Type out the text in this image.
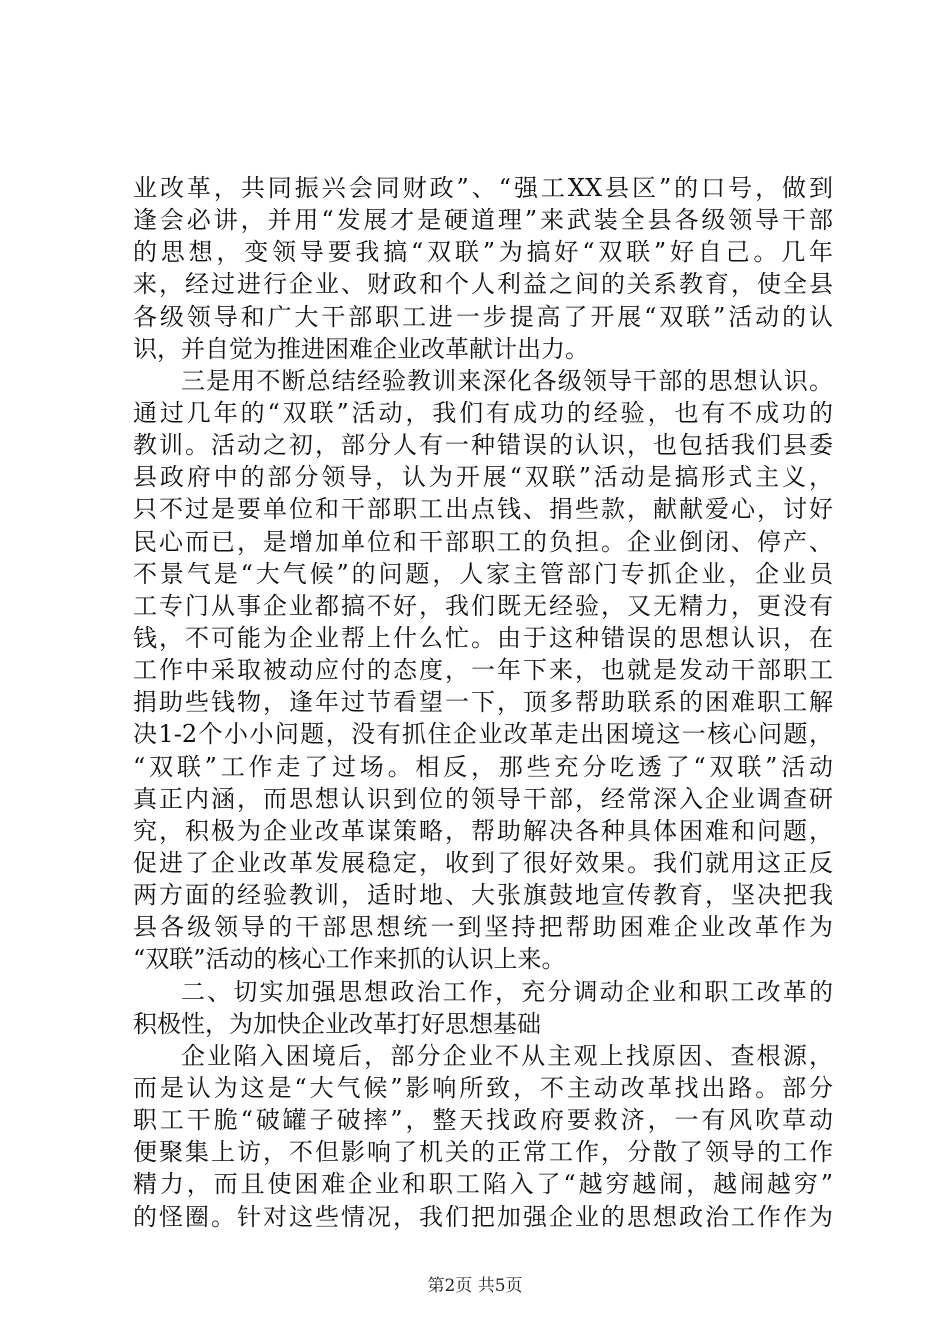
业改革，共同振兴会同财政”、“强工XX县区”的口号，做到
逢会必讲，并用“发展才是硬道理”来武装全县各级领导干部
的思想，变领导要我搞“双联”为搞好“双联”好自己。几年
来，经过进行企业、财政和个人利益之间的关系教育，使全县
各级领导和广大干部职工进一步提高了开展“双联”活动的认
识，并自觉为推进困难企业改革献计出力。
三是用不断总结经验教训来深化各级领导干部的思想认识。
通过几年的“双联”活动，我们有成功的经验，也有不成功的
教训。活动之初，部分人有一种错误的认识，也包括我们县委
县政府中的部分领导，认为开展“双联”活动是搞形式主义，
只不过是要单位和干部职工出点钱、捐些款，献献爱心，讨好
民心而已，是增加单位和干部职工的负担。企业倒闭、停产、
不景气是“大气候”的问题，人家主管部门专抓企业，企业员
工专门从事企业都搞不好，我们既无经验，又无精力，更没有
钱，不可能为企业帮上什么忙。由于这种错误的思想认识，在
工作中采取被动应付的态度，一年下来，也就是发动干部职工
捐助些钱物，逢年过节看望一下，顶多帮助联系的困难职工解
决1-2个小小问题，没有抓住企业改革走出困境这一核心问题，
“双联”工作走了过场。相反，那些充分吃透了“双联”活动
真正内涵，而思想认识到位的领导干部，经常深入企业调查研
究，积极为企业改革谋策略，帮助解决各种具体困难和问题，
促进了企业改革发展稳定，收到了很好效果。我们就用这正反
两方面的经验教训，适时地、大张旗鼓地宣传教育，坚决把我
县各级领导的干部思想统一到坚持把帮助困难企业改革作为
“双联”活动的核心工作来抓的认识上来。
二、切实加强思想政治工作，充分调动企业和职工改革的
积极性，为加快企业改革打好思想基础
企业陷入困境后，部分企业不从主观上找原因、查根源，
而是认为这是“大气候”影响所致，不主动改革找出路。部分
职工干脆“破罐子破摔”，整天找政府要救济，一有风吹草动
便聚集上访，不但影响了机关的正常工作，分散了领导的工作
精力，而且使困难企业和职工陷入了“越穷越闹，越闹越穷”
的怪圈。针对这些情况，我们把加强企业的思想政治工作作为
第2页 共5页
